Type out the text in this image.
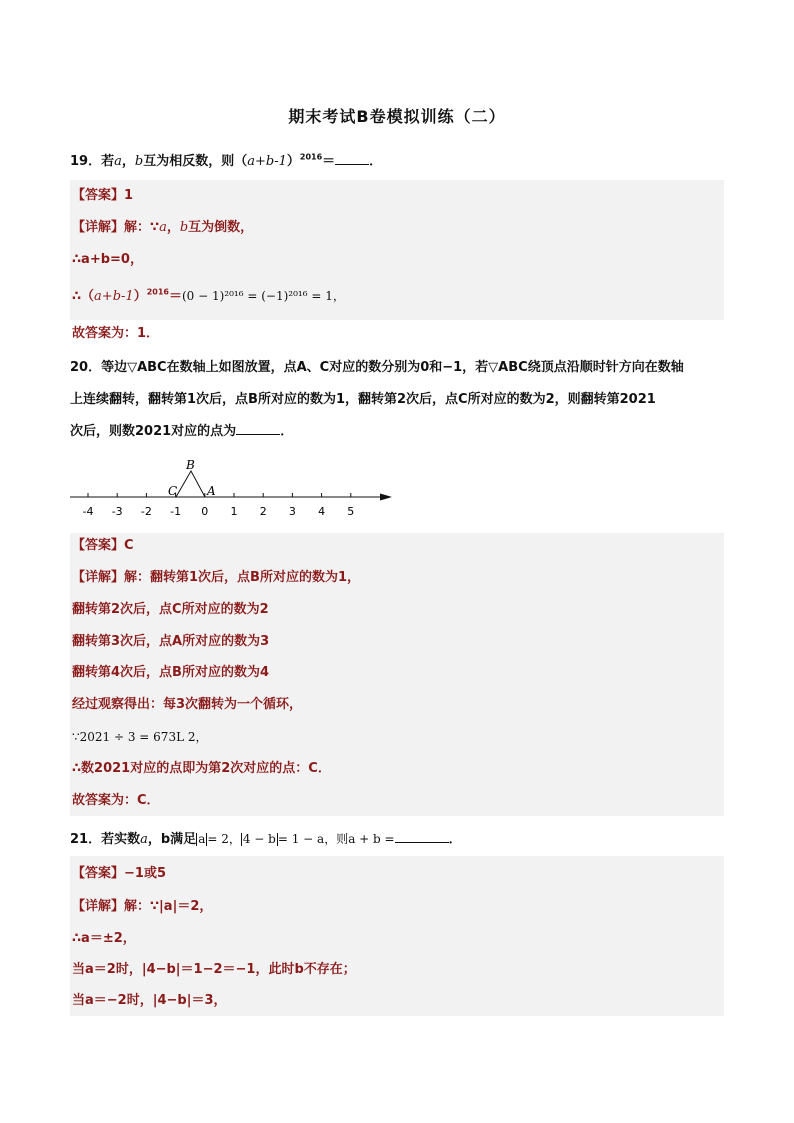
期末考试B卷模拟训练（二）
19．若a，b互为相反数，则$(a+b-1)^{2016}=$	．
【答案】1
【详解】解：∵a，b互为倒数，
∴a+b=0，
$\therefore(a+b-1)^{2016}=(0 - 1)^{2016} = (-1)^{2016} = 1$，
故答案为：1．
20．等边▽ABC在数轴上如图放置，点A、C对应的数分别为0和−1，若▽ABC绕顶点沿顺时针方向在数轴
上连续翻转，翻转第1次后，点B所对应的数为1，翻转第2次后，点C所对应的数为2，则翻转第2021
次后，则数2021对应的点为	．
-4 -3 -2 -1 0 1 2 3 4 5
B
C A
【答案】C
【详解】解：翻转第1次后，点B所对应的数为1，
翻转第2次后，点C所对应的数为2
翻转第3次后，点A所对应的数为3
翻转第4次后，点B所对应的数为4
经过观察得出：每3次翻转为一个循环，
∵2021 ÷ 3 = 673L 2，
∴数2021对应的点即为第2次对应的点：C．
故答案为：C．
21．若实数a，b满足 a = 2， 4 − b = 1 − a，则a + b =	．
【答案】−1或5
【详解】解：∵|a|＝2，
∴a＝±2，
当a＝2时，|4−b|＝1−2＝−1，此时b不存在；
当a＝−2时，|4−b|＝3，
